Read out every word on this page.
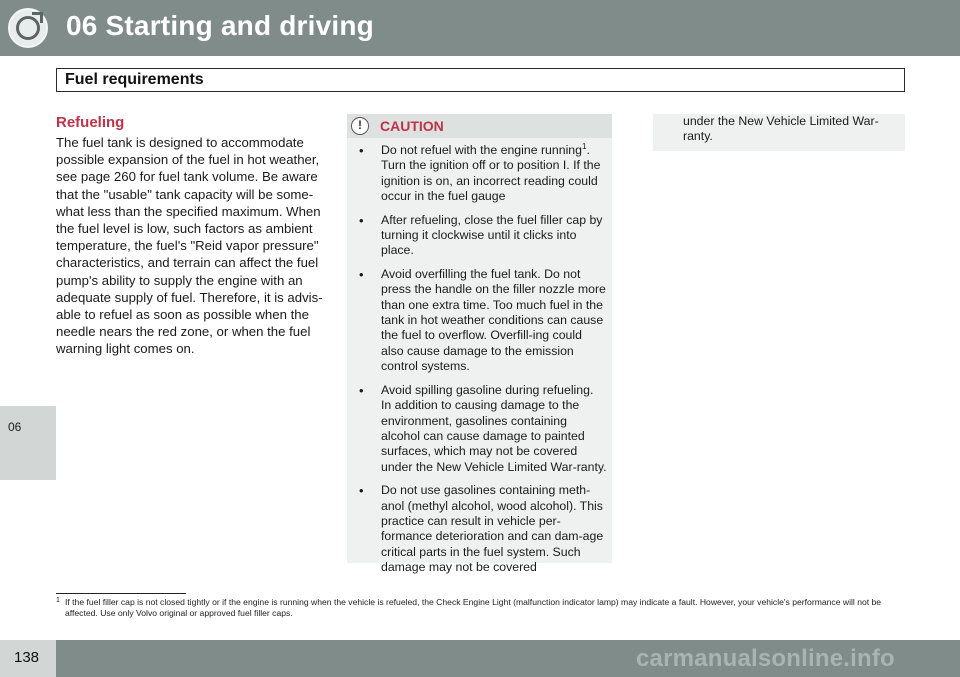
06 Starting and driving
Fuel requirements
06
Refueling
The fuel tank is designed to accommodate possible expansion of the fuel in hot weather, see page 260 for fuel tank volume. Be aware that the "usable" tank capacity will be some-what less than the specified maximum. When the fuel level is low, such factors as ambient temperature, the fuel's "Reid vapor pressure" characteristics, and terrain can affect the fuel pump's ability to supply the engine with an adequate supply of fuel. Therefore, it is advis-able to refuel as soon as possible when the needle nears the red zone, or when the fuel warning light comes on.
!	CAUTION
• Do not refuel with the engine running$^1$. Turn the ignition off or to position I. If the ignition is on, an incorrect reading could occur in the fuel gauge
• After refueling, close the fuel filler cap by turning it clockwise until it clicks into place.
• Avoid overfilling the fuel tank. Do not press the handle on the filler nozzle more than one extra time. Too much fuel in the tank in hot weather conditions can cause the fuel to overflow. Overfill-ing could also cause damage to the emission control systems.
• Avoid spilling gasoline during refueling. In addition to causing damage to the environment, gasolines containing alcohol can cause damage to painted surfaces, which may not be covered under the New Vehicle Limited War-ranty.
• Do not use gasolines containing meth-anol (methyl alcohol, wood alcohol). This practice can result in vehicle per-formance deterioration and can dam-age critical parts in the fuel system. Such damage may not be covered
under the New Vehicle Limited War-ranty.
1 If the fuel filler cap is not closed tightly or if the engine is running when the vehicle is refueled, the Check Engine Light (malfunction indicator lamp) may indicate a fault. However, your vehicle's performance will not be affected. Use only Volvo original or approved fuel filler caps.
138	carmanualsonline.info
